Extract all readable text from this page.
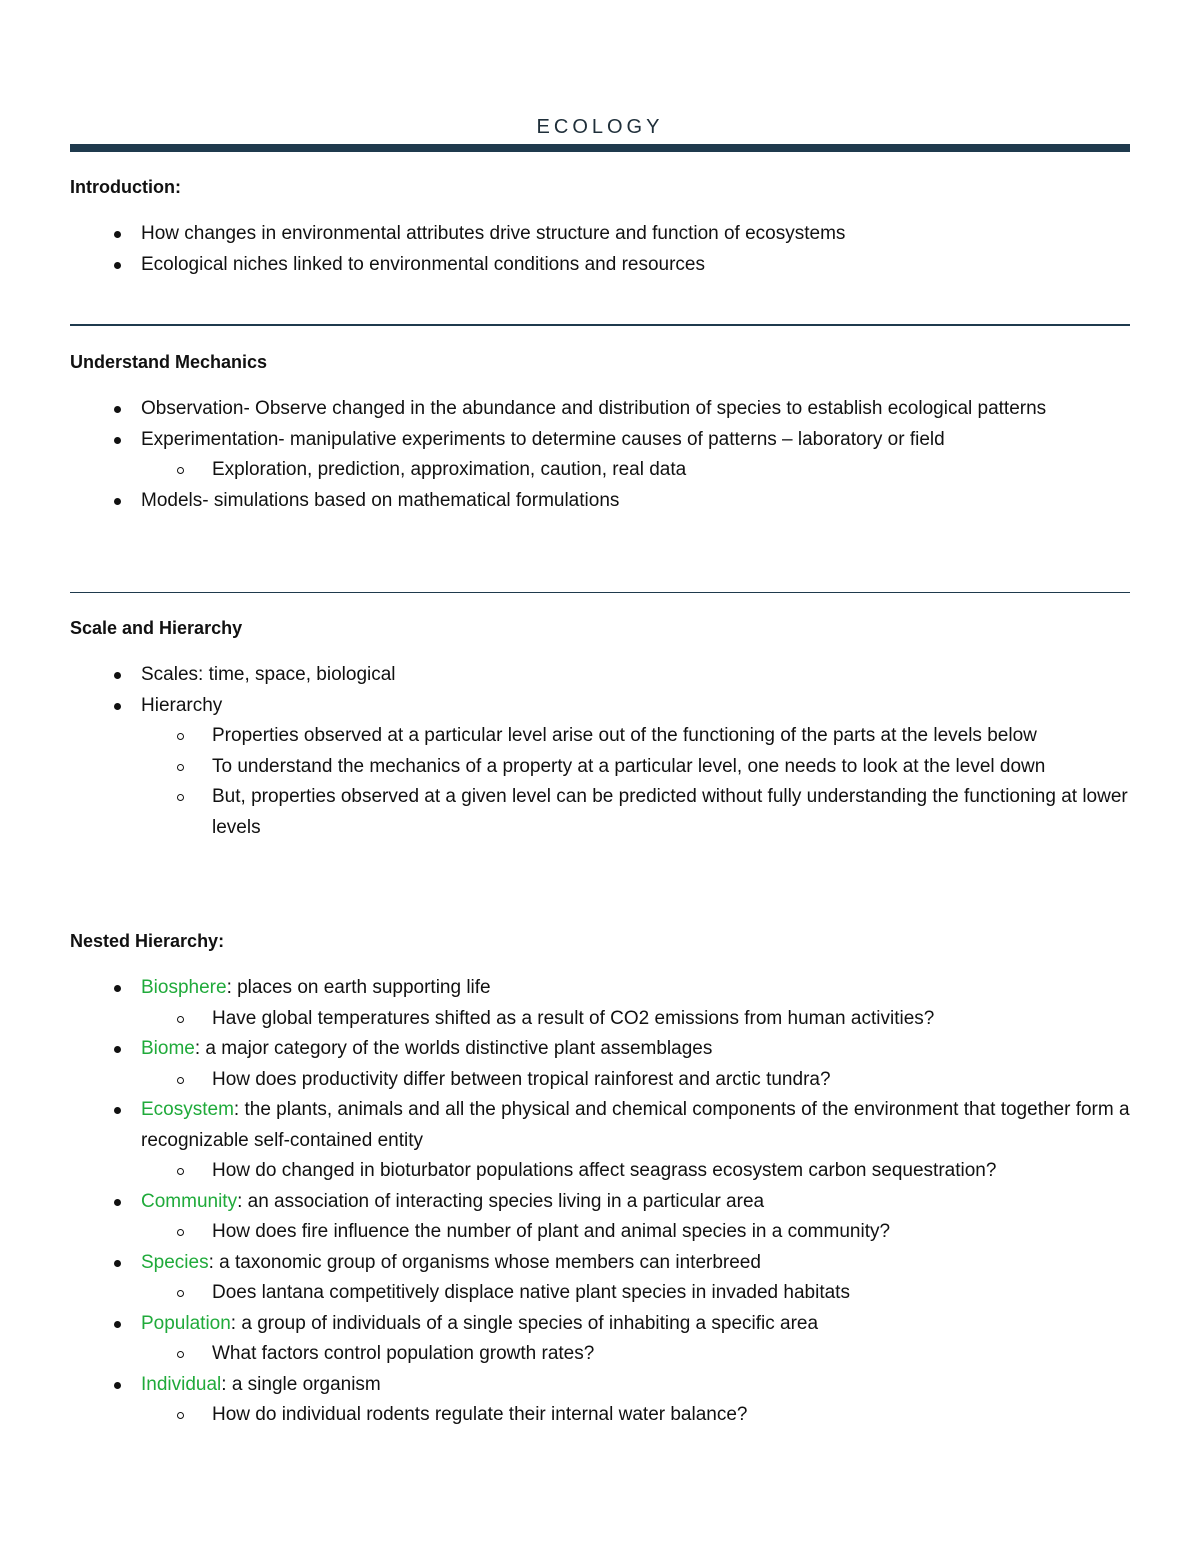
ECOLOGY
Introduction:
How changes in environmental attributes drive structure and function of ecosystems
Ecological niches linked to environmental conditions and resources
Understand Mechanics
Observation- Observe changed in the abundance and distribution of species to establish ecological patterns
Experimentation- manipulative experiments to determine causes of patterns – laboratory or field
Exploration, prediction, approximation, caution, real data
Models- simulations based on mathematical formulations
Scale and Hierarchy
Scales: time, space, biological
Hierarchy
Properties observed at a particular level arise out of the functioning of the parts at the levels below
To understand the mechanics of a property at a particular level, one needs to look at the level down
But, properties observed at a given level can be predicted without fully understanding the functioning at lower levels
Nested Hierarchy:
Biosphere: places on earth supporting life
Have global temperatures shifted as a result of CO2 emissions from human activities?
Biome: a major category of the worlds distinctive plant assemblages
How does productivity differ between tropical rainforest and arctic tundra?
Ecosystem: the plants, animals and all the physical and chemical components of the environment that together form a recognizable self-contained entity
How do changed in bioturbator populations affect seagrass ecosystem carbon sequestration?
Community: an association of interacting species living in a particular area
How does fire influence the number of plant and animal species in a community?
Species: a taxonomic group of organisms whose members can interbreed
Does lantana competitively displace native plant species in invaded habitats
Population: a group of individuals of a single species of inhabiting a specific area
What factors control population growth rates?
Individual: a single organism
How do individual rodents regulate their internal water balance?
